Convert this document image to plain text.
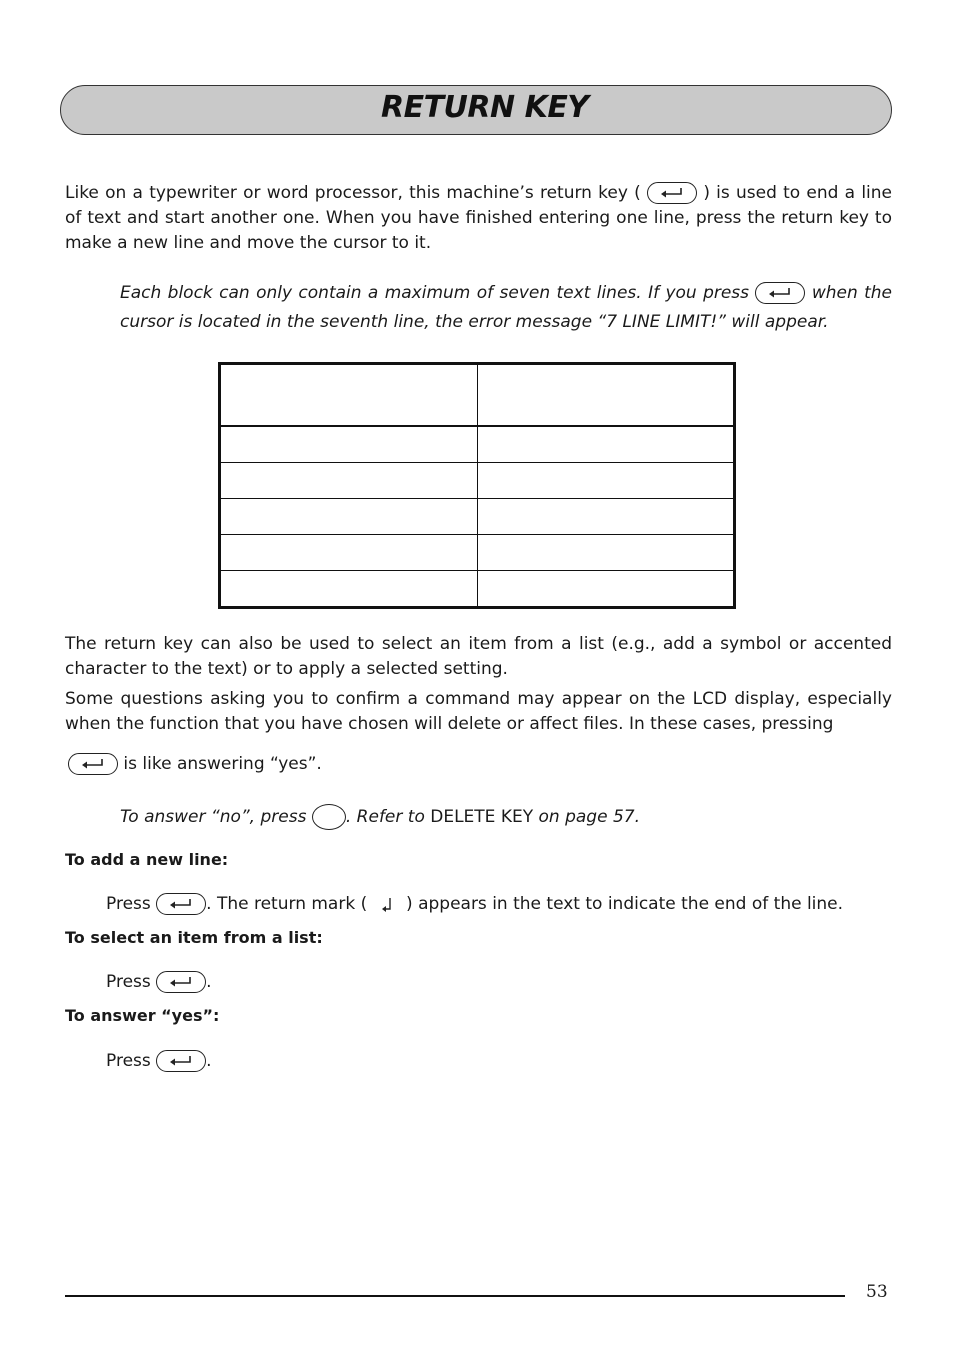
RETURN KEY

Like on a typewriter or word processor, this machine’s return key (	) is used to end a line of text and start another one. When you have finished entering one line, press the return key to make a new line and move the cursor to it.

Each block can only contain a maximum of seven text lines. If you press	when the cursor is located in the seventh line, the error message “7 LINE LIMIT!” will appear.

The return key can also be used to select an item from a list (e.g., add a symbol or accented character to the text) or to apply a selected setting.

Some questions asking you to confirm a command may appear on the LCD display, especially when the function that you have chosen will delete or affect files. In these cases, pressing

is like answering “yes”.

To answer “no”, press . Refer to DELETE KEY on page 57.

To add a new line:

Press	. The return mark ( ) appears in the text to indicate the end of the line.

To select an item from a list:

Press	.

To answer “yes”:

Press	.

53
